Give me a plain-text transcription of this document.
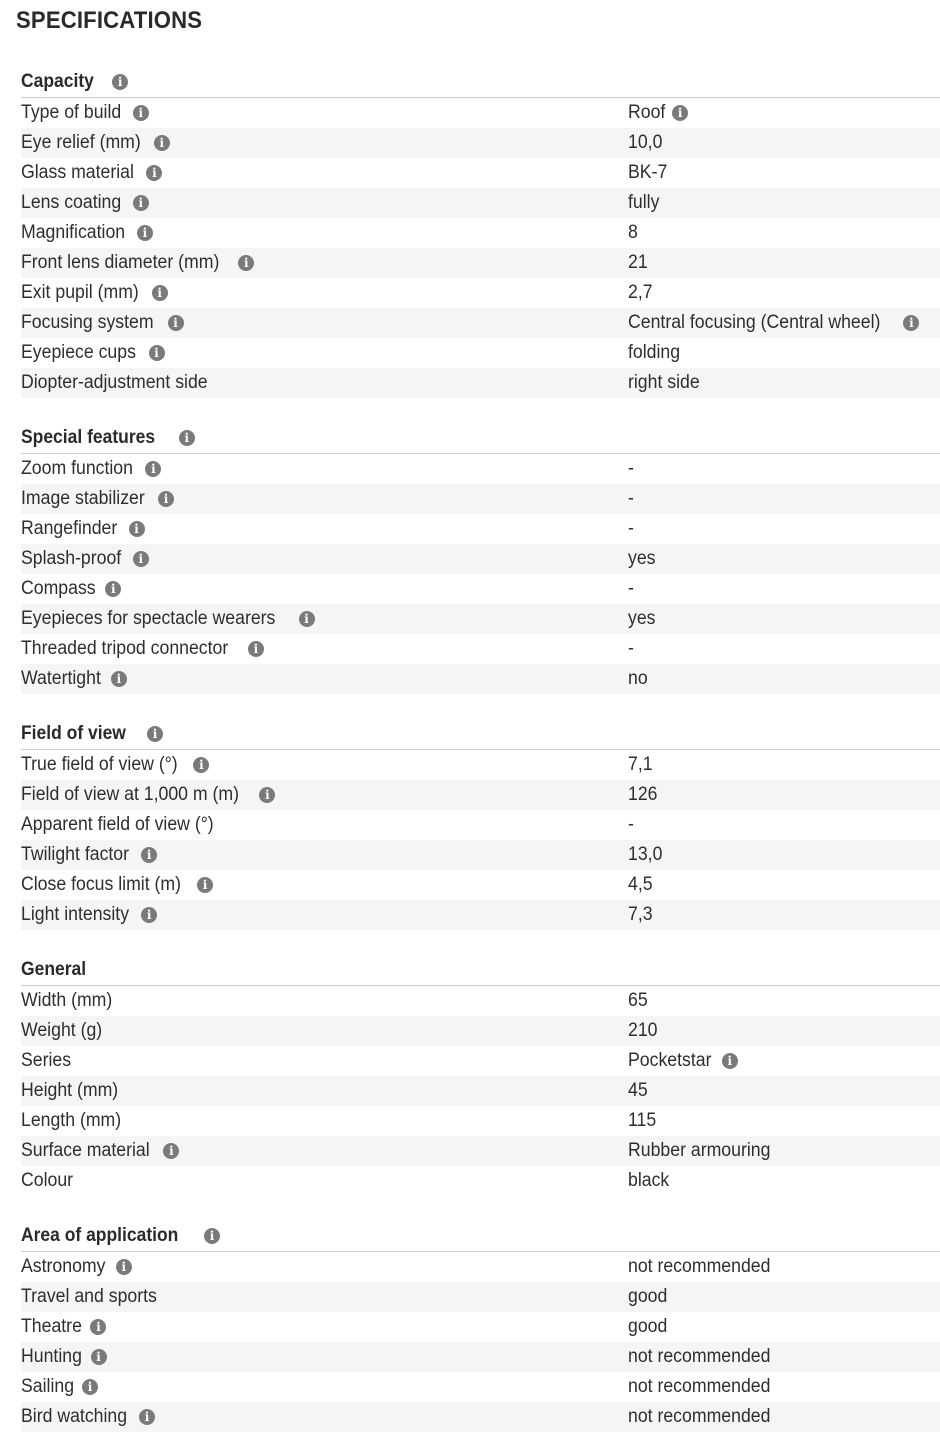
SPECIFICATIONS
Capacity	i
Type of build	i	Roof	i
Eye relief (mm)	i	10,0
Glass material	i	BK-7
Lens coating	i	fully
Magnification	i	8
Front lens diameter (mm)	i	21
Exit pupil (mm)	i	2,7
Focusing system	i	Central focusing (Central wheel)	i
Eyepiece cups	i	folding
Diopter-adjustment side	right side
Special features	i
Zoom function	i	-
Image stabilizer	i	-
Rangefinder	i	-
Splash-proof	i	yes
Compass	i	-
Eyepieces for spectacle wearers	i	yes
Threaded tripod connector	i	-
Watertight	i	no
Field of view	i
True field of view (°)	i	7,1
Field of view at 1,000 m (m)	i	126
Apparent field of view (°)	-
Twilight factor	i	13,0
Close focus limit (m)	i	4,5
Light intensity	i	7,3
General
Width (mm)	65
Weight (g)	210
Series	Pocketstar	i
Height (mm)	45
Length (mm)	115
Surface material	i	Rubber armouring
Colour	black
Area of application	i
Astronomy	i	not recommended
Travel and sports	good
Theatre	i	good
Hunting	i	not recommended
Sailing	i	not recommended
Bird watching	i	not recommended
